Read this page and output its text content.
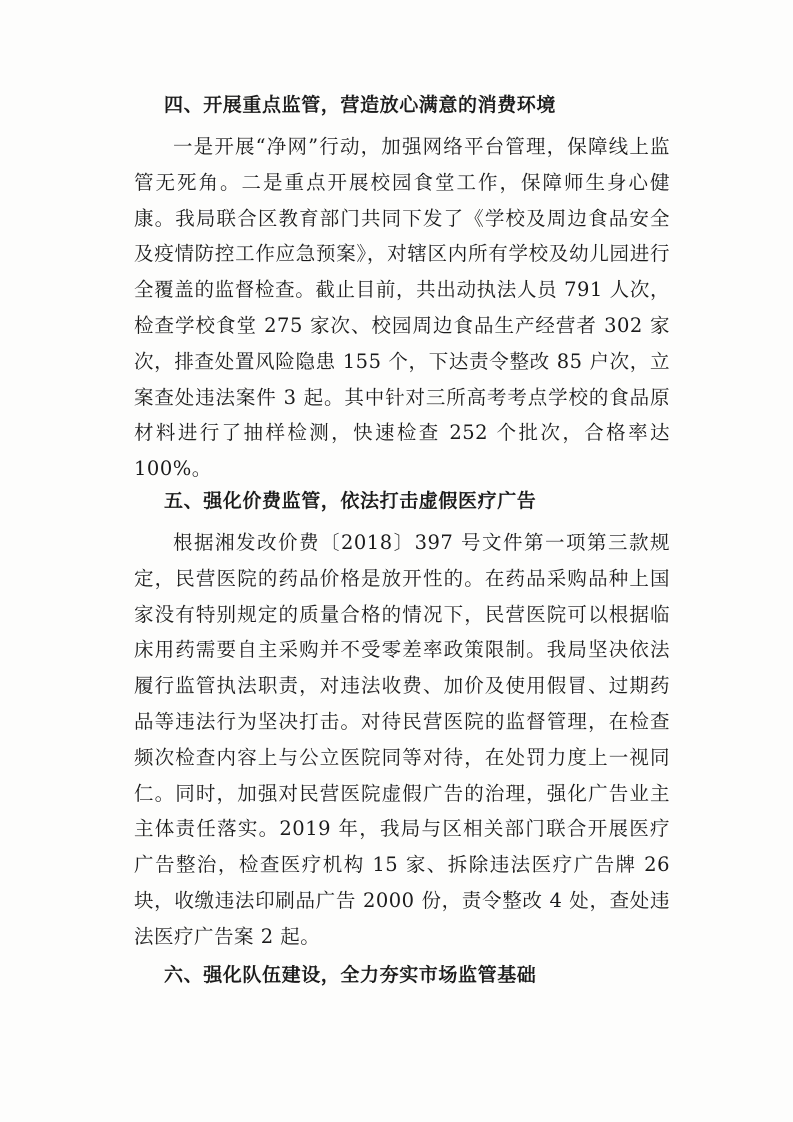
四、开展重点监管，营造放心满意的消费环境

一是开展“净网”行动，加强网络平台管理，保障线上监管无死角。二是重点开展校园食堂工作，保障师生身心健康。我局联合区教育部门共同下发了《学校及周边食品安全及疫情防控工作应急预案》，对辖区内所有学校及幼儿园进行全覆盖的监督检查。截止目前，共出动执法人员 791 人次，检查学校食堂 275 家次、校园周边食品生产经营者 302 家次，排查处置风险隐患 155 个，下达责令整改 85 户次，立案查处违法案件 3 起。其中针对三所高考考点学校的食品原材料进行了抽样检测，快速检查 252 个批次，合格率达 100%。

五、强化价费监管，依法打击虚假医疗广告

根据湘发改价费〔2018〕397 号文件第一项第三款规定，民营医院的药品价格是放开性的。在药品采购品种上国家没有特别规定的质量合格的情况下，民营医院可以根据临床用药需要自主采购并不受零差率政策限制。我局坚决依法履行监管执法职责，对违法收费、加价及使用假冒、过期药品等违法行为坚决打击。对待民营医院的监督管理，在检查频次检查内容上与公立医院同等对待，在处罚力度上一视同仁。同时，加强对民营医院虚假广告的治理，强化广告业主主体责任落实。2019 年，我局与区相关部门联合开展医疗广告整治，检查医疗机构 15 家、拆除违法医疗广告牌 26 块，收缴违法印刷品广告 2000 份，责令整改 4 处，查处违法医疗广告案 2 起。

六、强化队伍建设，全力夯实市场监管基础
